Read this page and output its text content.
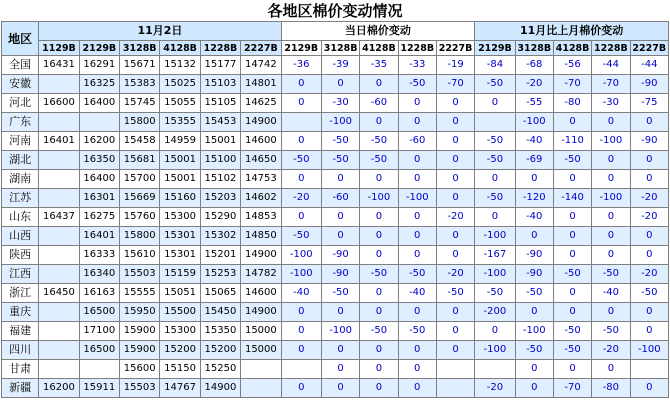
各地区棉价变动情况
地区	11月2日						当日棉价变动					11月比上月棉价变动				
	1129B	2129B	3128B	4128B	1228B	2227B	2129B	3128B	4128B	1228B	2227B	2129B	3128B	4128B	1228B	2227B
全国	16431	16291	15671	15132	15177	14742	-36	-39	-35	-33	-19	-84	-68	-56	-44	-44
安徽		16325	15383	15025	15103	14801	0	0	0	-50	-70	-50	-20	-70	-70	-90
河北	16600	16400	15745	15055	15105	14625	0	-30	-60	0	0	0	-55	-80	-30	-75
广东			15800	15355	15453	14900		-100	0	0	0		-100	0	0	0
河南	16401	16200	15458	14959	15001	14600	0	-50	-50	-60	0	-50	-40	-110	-100	-90
湖北		16350	15681	15001	15100	14650	-50	-50	-50	0	0	-50	-69	-50	0	0
湖南		16400	15700	15001	15102	14753	0	0	0	0	0	0	0	0	0	0
江苏		16301	15669	15160	15203	14602	-20	-60	-100	-100	0	-50	-120	-140	-100	-20
山东	16437	16275	15760	15300	15290	14853	0	0	0	0	-20	0	-40	0	0	-20
山西		16401	15800	15301	15302	14850	-50	0	0	0	0	-100	0	0	0	0
陕西		16333	15610	15301	15201	14900	-100	-90	0	0	0	-167	-90	0	0	0
江西		16340	15503	15159	15253	14782	-100	-90	-50	-50	-20	-100	-90	-50	-50	-20
浙江	16450	16163	15555	15051	15065	14600	-40	-50	0	-40	-50	-50	-50	0	-40	-50
重庆		16500	15950	15500	15450	14900	0	0	0	0	0	-200	0	0	0	0
福建		17100	15900	15300	15350	15000	0	-100	-50	-50	0	0	-100	-50	-50	0
四川		16500	15900	15200	15200	15000	0	0	0	0	0	-100	-50	-50	-20	-100
甘肃			15600	15150	15250			0	0	0			0	0	0	
新疆	16200	15911	15503	14767	14900		0	0	0	0		-20	0	-70	-80	0
